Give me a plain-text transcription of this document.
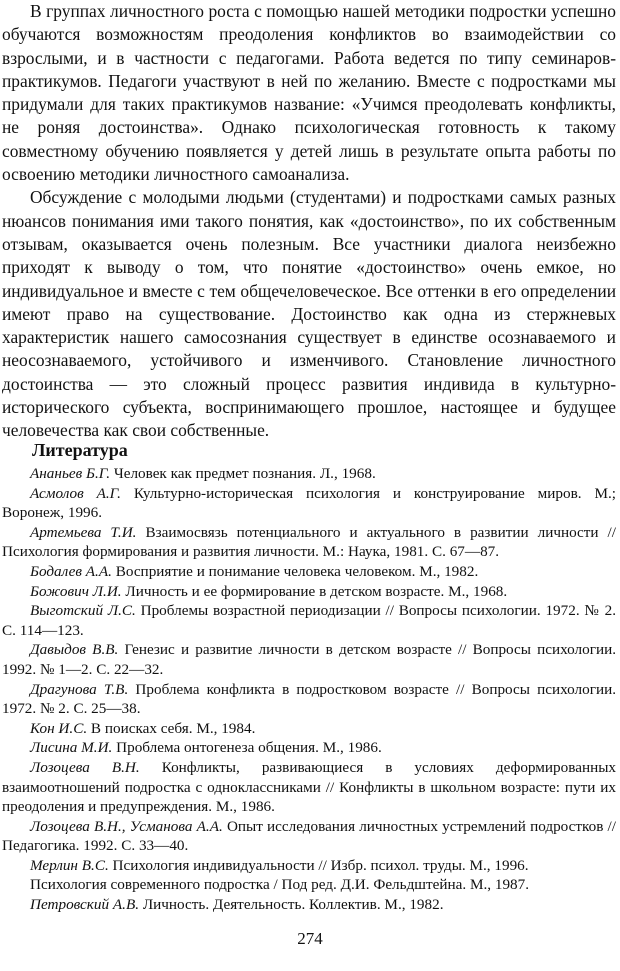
В группах личностного роста с помощью нашей методики подростки успешно обучаются возможностям преодоления конфликтов во взаимодействии со взрослыми, и в частности с педагогами. Работа ведется по типу семинаров-практикумов. Педагоги участвуют в ней по желанию. Вместе с подростками мы придумали для таких практикумов название: «Учимся преодолевать конфликты, не роняя достоинства». Однако психологическая готовность к такому совместному обучению появляется у детей лишь в результате опыта работы по освоению методики личностного самоанализа.

Обсуждение с молодыми людьми (студентами) и подростками самых разных нюансов понимания ими такого понятия, как «достоинство», по их собственным отзывам, оказывается очень полезным. Все участники диалога неизбежно приходят к выводу о том, что понятие «достоинство» очень емкое, но индивидуальное и вместе с тем общечеловеческое. Все оттенки в его определении имеют право на существование. Достоинство как одна из стержневых характеристик нашего самосознания существует в единстве осознаваемого и неосознаваемого, устойчивого и изменчивого. Становление личностного достоинства — это сложный процесс развития индивида в культурно-исторического субъекта, воспринимающего прошлое, настоящее и будущее человечества как свои собственные.

Литература

Ананьев Б.Г. Человек как предмет познания. Л., 1968.

Асмолов А.Г. Культурно-историческая психология и конструирование миров. М.; Воронеж, 1996.

Артемьева Т.И. Взаимосвязь потенциального и актуального в развитии личности // Психология формирования и развития личности. М.: Наука, 1981. С. 67—87.

Бодалев А.А. Восприятие и понимание человека человеком. М., 1982.

Божович Л.И. Личность и ее формирование в детском возрасте. М., 1968.

Выготский Л.С. Проблемы возрастной периодизации // Вопросы психологии. 1972. № 2. С. 114—123.

Давыдов В.В. Генезис и развитие личности в детском возрасте // Вопросы психологии. 1992. № 1—2. С. 22—32.

Драгунова Т.В. Проблема конфликта в подростковом возрасте // Вопросы психологии. 1972. № 2. С. 25—38.

Кон И.С. В поисках себя. М., 1984.

Лисина М.И. Проблема онтогенеза общения. М., 1986.

Лозоцева В.Н. Конфликты, развивающиеся в условиях деформированных взаимоотношений подростка с одноклассниками // Конфликты в школьном возрасте: пути их преодоления и предупреждения. М., 1986.

Лозоцева В.Н., Усманова А.А. Опыт исследования личностных устремлений подростков // Педагогика. 1992. С. 33—40.

Мерлин В.С. Психология индивидуальности // Избр. психол. труды. М., 1996.

Психология современного подростка / Под ред. Д.И. Фельдштейна. М., 1987.

Петровский А.В. Личность. Деятельность. Коллектив. М., 1982.

274
